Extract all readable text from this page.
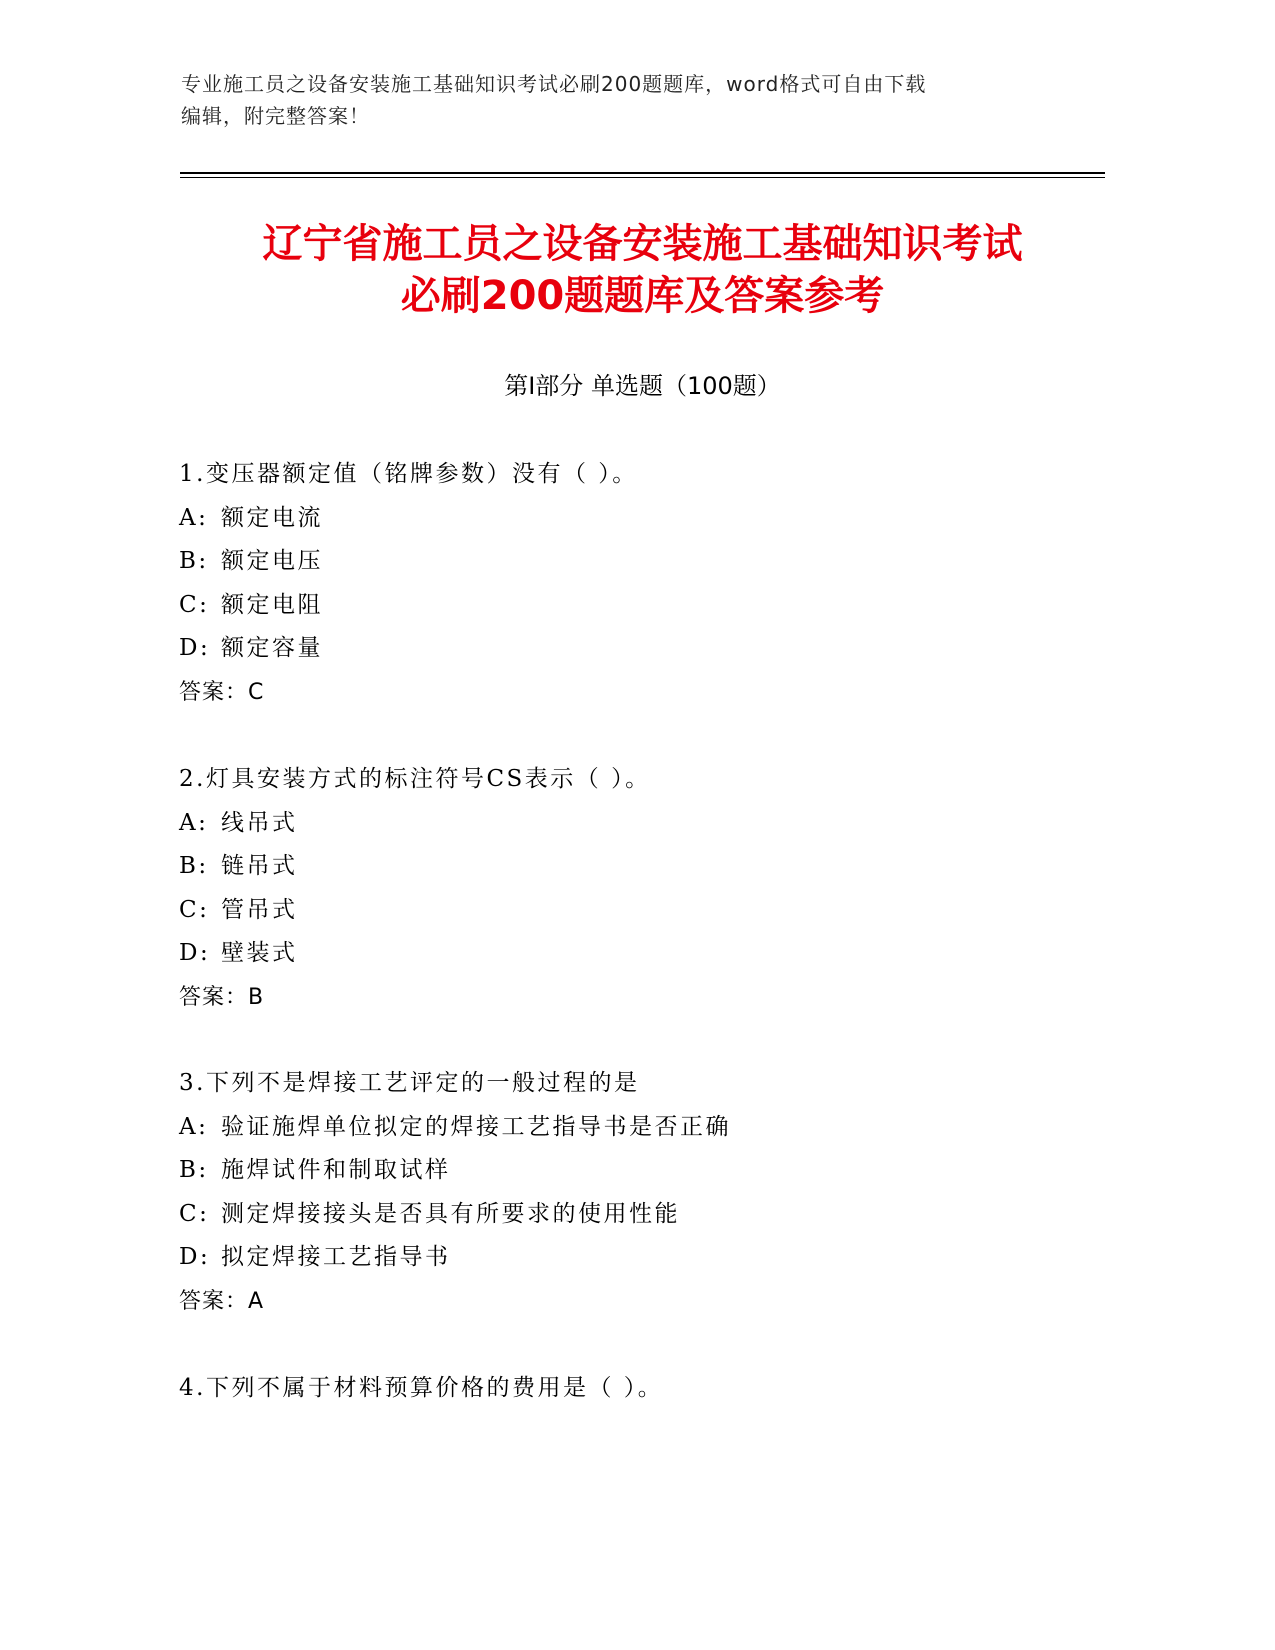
专业施工员之设备安装施工基础知识考试必刷200题题库，word格式可自由下载
编辑，附完整答案！
辽宁省施工员之设备安装施工基础知识考试
必刷200题题库及答案参考
第Ⅰ部分 单选题（100题）
1.变压器额定值（铭牌参数）没有（ ）。
A: 额定电流
B: 额定电压
C: 额定电阻
D: 额定容量
答案：C
2.灯具安装方式的标注符号CS表示（ ）。
A: 线吊式
B: 链吊式
C: 管吊式
D: 壁装式
答案：B
3.下列不是焊接工艺评定的一般过程的是
A: 验证施焊单位拟定的焊接工艺指导书是否正确
B: 施焊试件和制取试样
C: 测定焊接接头是否具有所要求的使用性能
D: 拟定焊接工艺指导书
答案：A
4.下列不属于材料预算价格的费用是（ ）。
